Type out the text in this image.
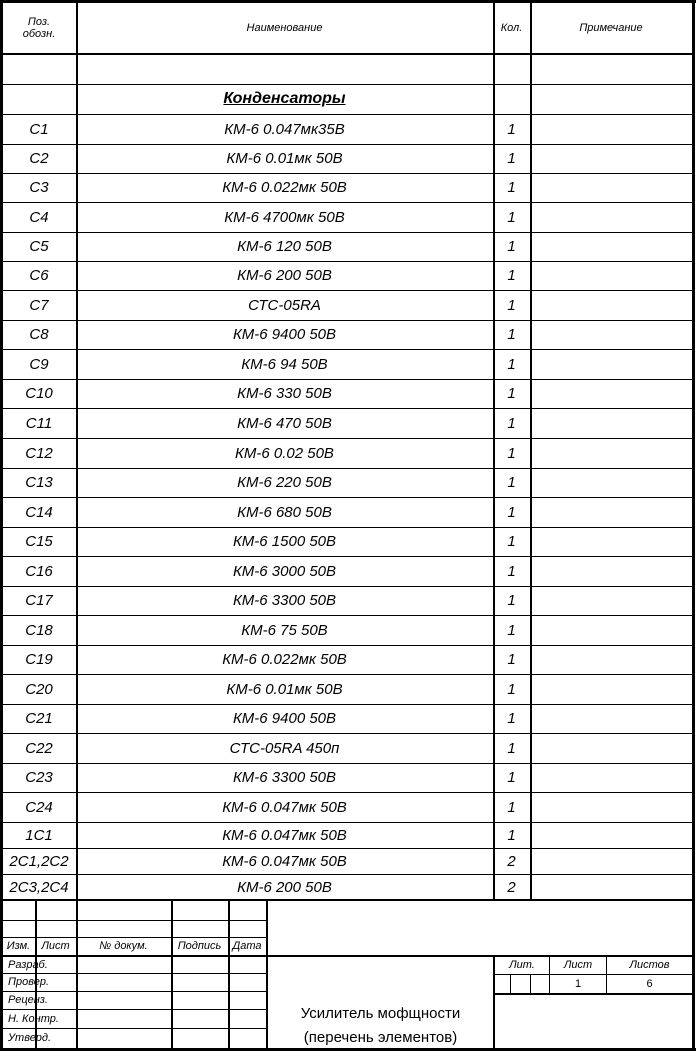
Поз.
обозн.	Наименование	Кол.	Примечание
Конденсаторы
C1	КМ-6 0.047мк35В	1
C2	КМ-6 0.01мк 50В	1
C3	КМ-6 0.022мк 50В	1
C4	КМ-6 4700мк 50В	1
C5	КМ-6 120 50В	1
C6	КМ-6 200 50В	1
C7	СТС-05RA	1
C8	КМ-6 9400 50В	1
C9	КМ-6 94 50В	1
C10	КМ-6 330 50В	1
C11	КМ-6 470 50В	1
C12	КМ-6 0.02 50В	1
C13	КМ-6 220 50В	1
C14	КМ-6 680 50В	1
C15	КМ-6 1500 50В	1
C16	КМ-6 3000 50В	1
C17	КМ-6 3300 50В	1
C18	КМ-6 75 50В	1
C19	КМ-6 0.022мк 50В	1
C20	КМ-6 0.01мк 50В	1
C21	КМ-6 9400 50В	1
C22	СТС-05RA 450п	1
C23	КМ-6 3300 50В	1
C24	КМ-6 0.047мк 50В	1
1C1	КМ-6 0.047мк 50В	1
2C1,2C2	КМ-6 0.047мк 50В	2
2C3,2C4	КМ-6 200 50В	2
Изм.	Лист	№ докум.	Подпись	Дата
Разраб.
Провер.
Реценз.
Н. Контр.
Утверд.
Лит.	Лист	Листов
1	6
Усилитель мофщности
(перечень элементов)
